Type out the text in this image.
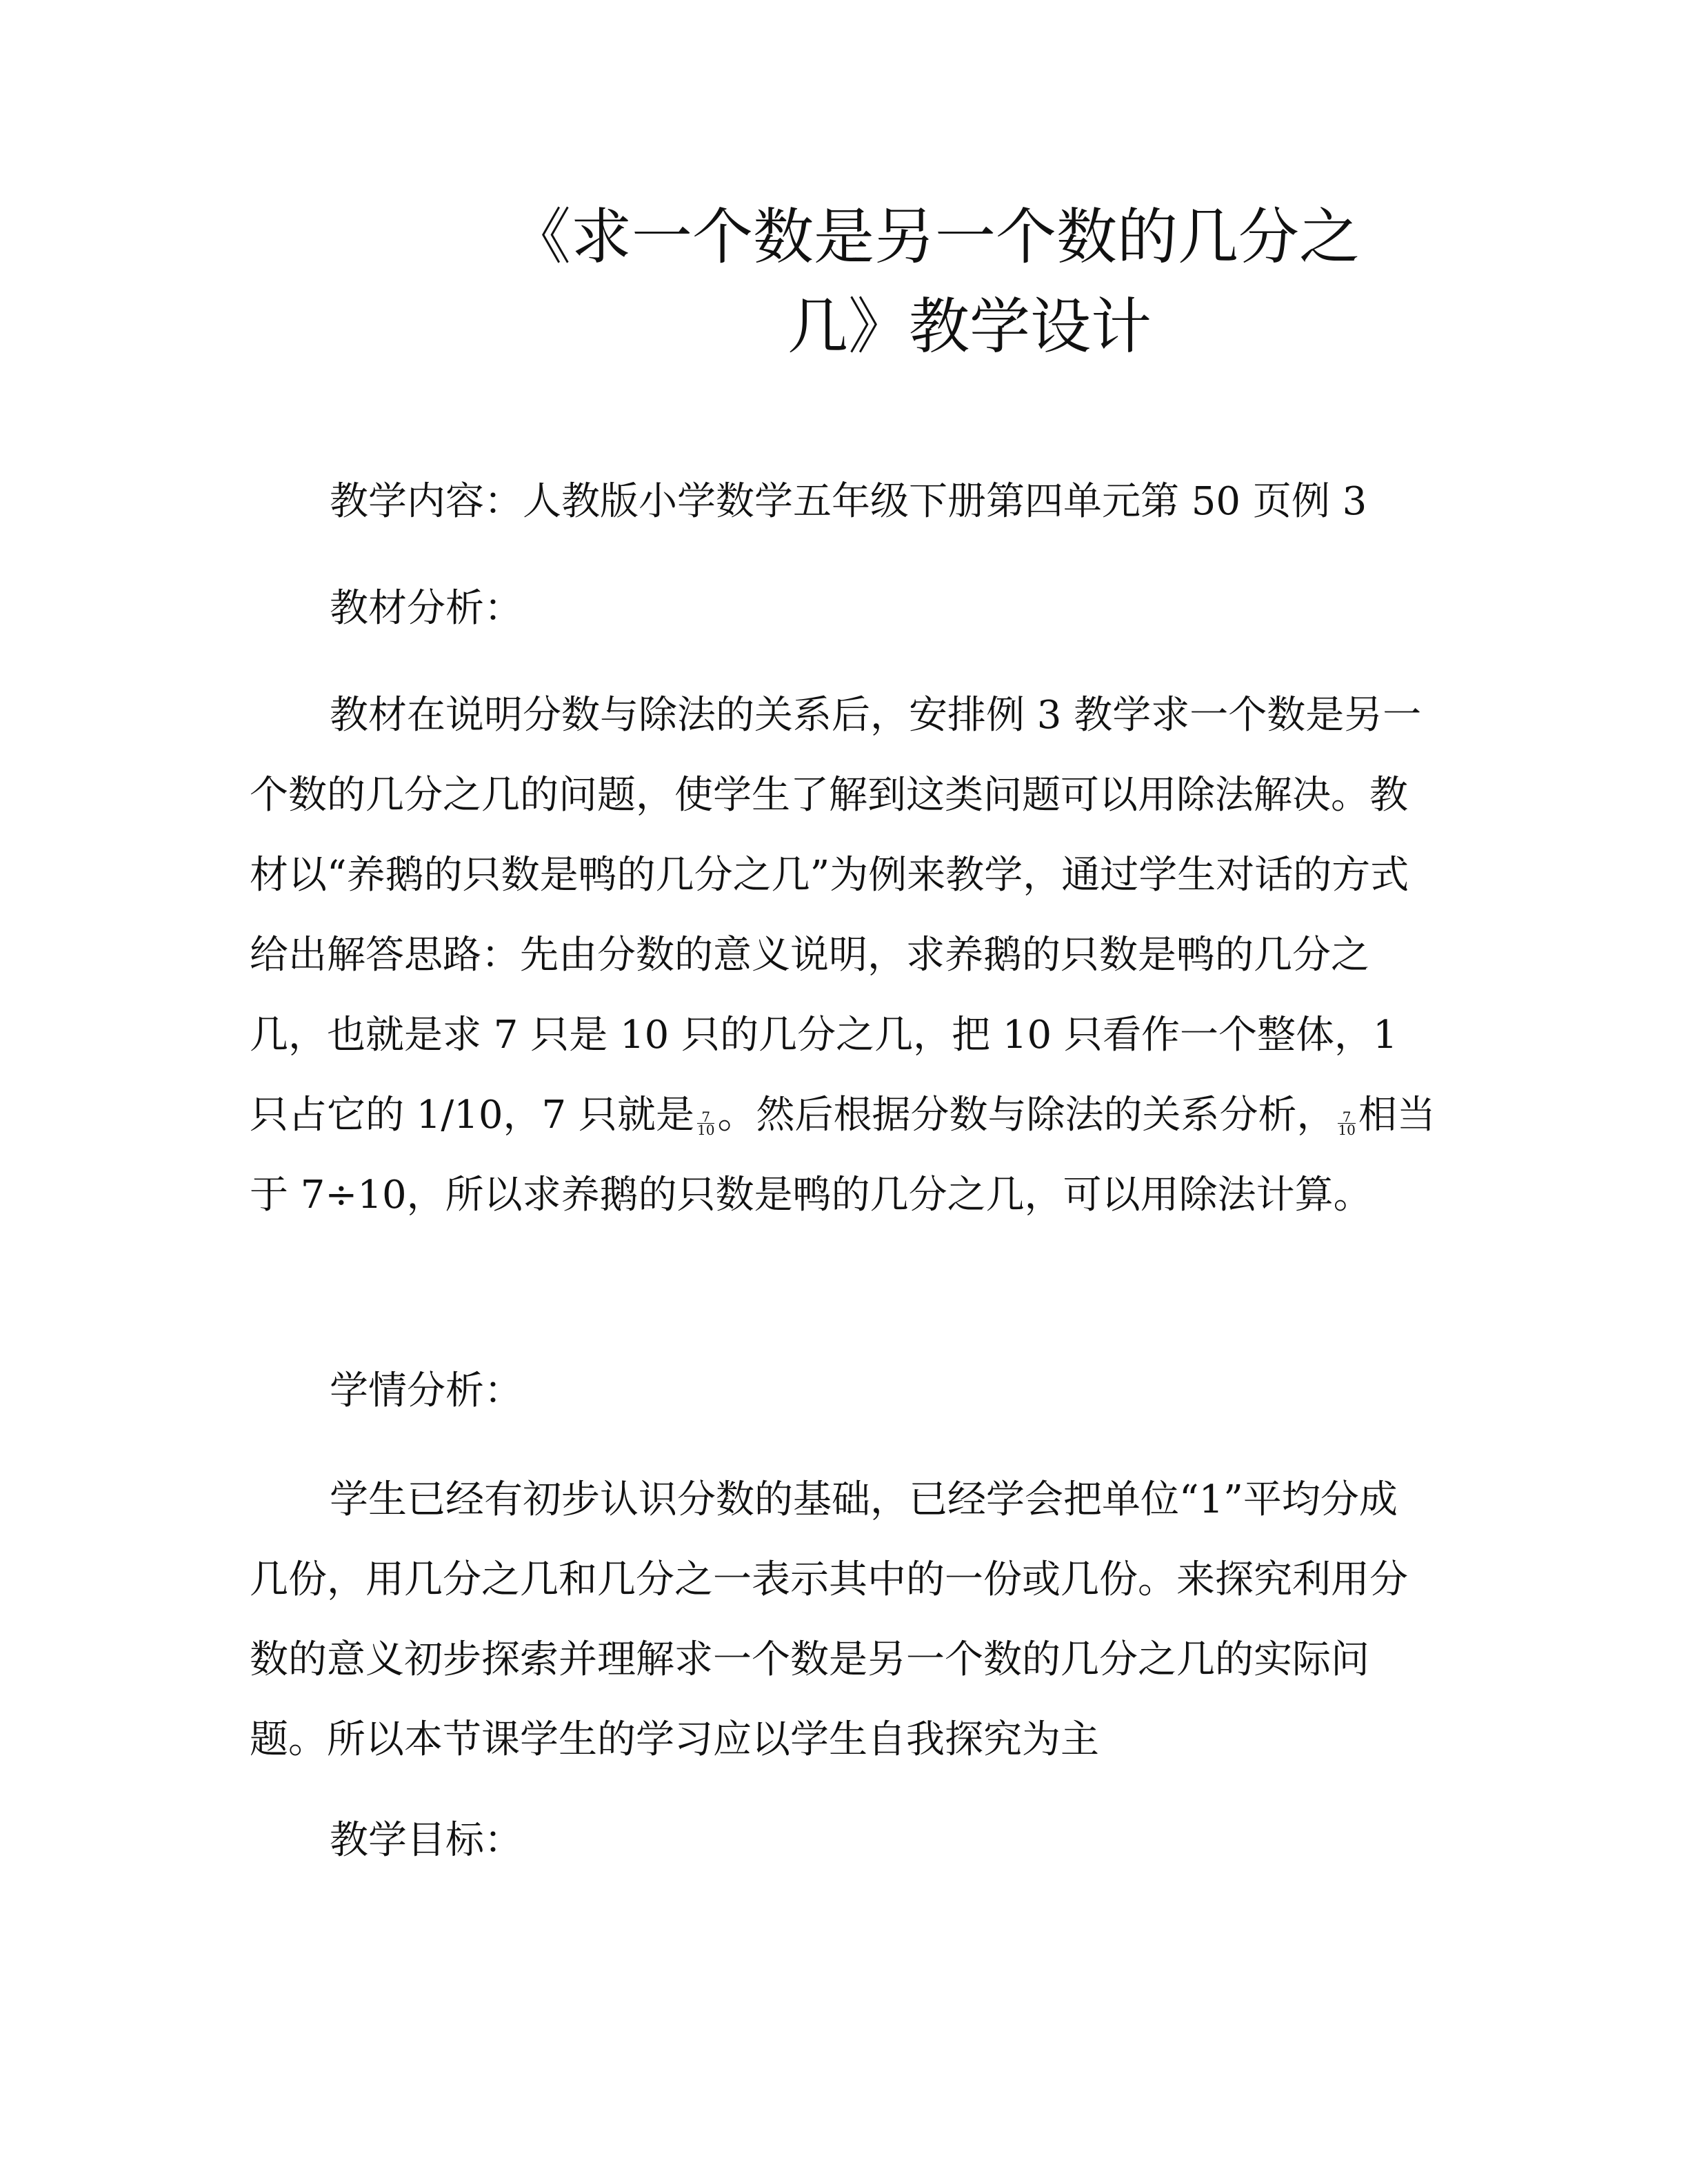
《求一个数是另一个数的几分之
几》教学设计

教学内容：人教版小学数学五年级下册第四单元第 50 页例 3

教材分析：

教材在说明分数与除法的关系后，安排例 3 教学求一个数是另一个数的几分之几的问题，使学生了解到这类问题可以用除法解决。教材以“养鹅的只数是鸭的几分之几”为例来教学，通过学生对话的方式给出解答思路：先由分数的意义说明，求养鹅的只数是鸭的几分之几，也就是求 7 只是 10 只的几分之几，把 10 只看作一个整体，1 只占它的 1/10，7 只就是 $\frac{7}{10}$ 。然后根据分数与除法的关系分析， $\frac{7}{10}$ 相当于 7÷10，所以求养鹅的只数是鸭的几分之几，可以用除法计算。

学情分析：

学生已经有初步认识分数的基础，已经学会把单位“1”平均分成几份，用几分之几和几分之一表示其中的一份或几份。来探究利用分数的意义初步探索并理解求一个数是另一个数的几分之几的实际问题。所以本节课学生的学习应以学生自我探究为主

教学目标：
